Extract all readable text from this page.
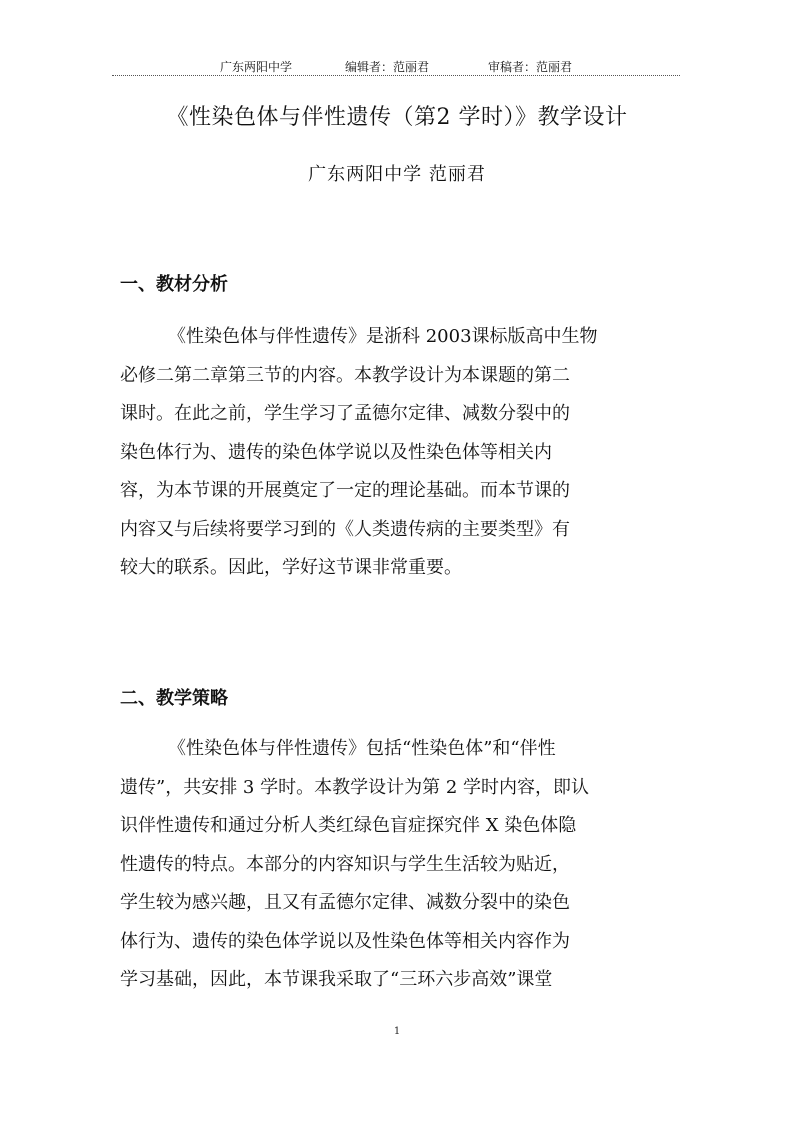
广东两阳中学	编辑者：范丽君	审稿者：范丽君
《性染色体与伴性遗传（第2 学时）》教学设计
广东两阳中学 范丽君
一、教材分析
《性染色体与伴性遗传》是浙科 2003课标版高中生物
必修二第二章第三节的内容。本教学设计为本课题的第二
课时。在此之前，学生学习了孟德尔定律、减数分裂中的
染色体行为、遗传的染色体学说以及性染色体等相关内
容，为本节课的开展奠定了一定的理论基础。而本节课的
内容又与后续将要学习到的《人类遗传病的主要类型》有
较大的联系。因此，学好这节课非常重要。
二、教学策略
《性染色体与伴性遗传》包括“性染色体”和“伴性
遗传”，共安排 3 学时。本教学设计为第 2 学时内容，即认
识伴性遗传和通过分析人类红绿色盲症探究伴 X 染色体隐
性遗传的特点。本部分的内容知识与学生生活较为贴近，
学生较为感兴趣，且又有孟德尔定律、减数分裂中的染色
体行为、遗传的染色体学说以及性染色体等相关内容作为
学习基础，因此，本节课我采取了“三环六步高效”课堂
1
